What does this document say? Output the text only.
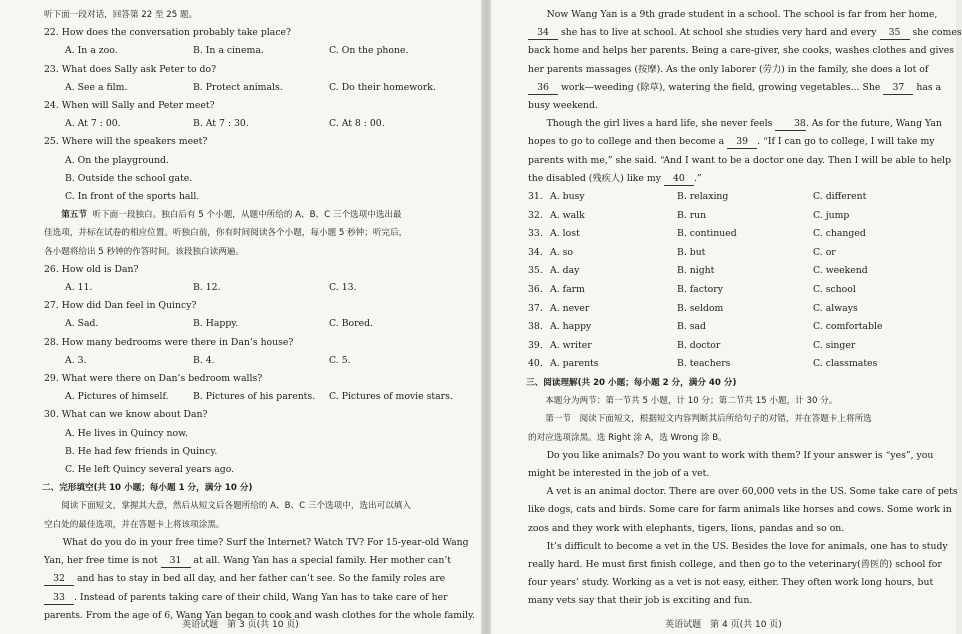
听下面一段对话，回答第 22 至 25 题。
22. How does the conversation probably take place?
A. In a zoo.	B. In a cinema.	C. On the phone.
23. What does Sally ask Peter to do?
A. See a film.	B. Protect animals.	C. Do their homework.
24. When will Sally and Peter meet?
A. At 7 : 00.	B. At 7 : 30.	C. At 8 : 00.
25. Where will the speakers meet?
A. On the playground.
B. Outside the school gate.
C. In front of the sports hall.
第五节 听下面一段独白。独白后有 5 个小题，从题中所给的 A、B、C 三个选项中选出最
佳选项，并标在试卷的相应位置。听独白前，你有时间阅读各个小题，每小题 5 秒钟；听完后，
各小题将给出 5 秒钟的作答时间。该段独白读两遍。
26. How old is Dan?
A. 11.	B. 12.	C. 13.
27. How did Dan feel in Quincy?
A. Sad.	B. Happy.	C. Bored.
28. How many bedrooms were there in Dan’s house?
A. 3.	B. 4.	C. 5.
29. What were there on Dan’s bedroom walls?
A. Pictures of himself.	B. Pictures of his parents.	C. Pictures of movie stars.
30. What can we know about Dan?
A. He lives in Quincy now.
B. He had few friends in Quincy.
C. He left Quincy several years ago.
二、完形填空(共 10 小题；每小题 1 分，满分 10 分)
阅读下面短文，掌握其大意，然后从短文后各题所给的 A、B、C 三个选项中，选出可以填入
空白处的最佳选项，并在答题卡上将该项涂黑。
What do you do in your free time? Surf the Internet? Watch TV? For 15-year-old Wang
Yan, her free time is not 31 at all. Wang Yan has a special family. Her mother can’t
32 and has to stay in bed all day, and her father can’t see. So the family roles are
33 . Instead of parents taking care of their child, Wang Yan has to take care of her
parents. From the age of 6, Wang Yan began to cook and wash clothes for the whole family.
英语试题　第 3 页(共 10 页)
Now Wang Yan is a 9th grade student in a school. The school is far from her home,
34 she has to live at school. At school she studies very hard and every 35 she comes
back home and helps her parents. Being a care-giver, she cooks, washes clothes and gives
her parents massages (按摩). As the only laborer (劳力) in the family, she does a lot of
36 work—weeding (除草), watering the field, growing vegetables... She 37 has a
busy weekend.
Though the girl lives a hard life, she never feels 38. As for the future, Wang Yan
hopes to go to college and then become a 39 . “If I can go to college, I will take my
parents with me,” she said. “And I want to be a doctor one day. Then I will be able to help
the disabled (残疾人) like my 40 .”
31. A. busy	B. relaxing	C. different
32. A. walk	B. run	C. jump
33. A. lost	B. continued	C. changed
34. A. so	B. but	C. or
35. A. day	B. night	C. weekend
36. A. farm	B. factory	C. school
37. A. never	B. seldom	C. always
38. A. happy	B. sad	C. comfortable
39. A. writer	B. doctor	C. singer
40. A. parents	B. teachers	C. classmates
三、阅读理解(共 20 小题；每小题 2 分，满分 40 分)
本题分为两节：第一节共 5 小题，计 10 分；第二节共 15 小题，计 30 分。
第一节　阅读下面短文，根据短文内容判断其后所给句子的对错，并在答题卡上将所选
的对应选项涂黑。选 Right 涂 A，选 Wrong 涂 B。
Do you like animals? Do you want to work with them? If your answer is “yes”, you
might be interested in the job of a vet.
A vet is an animal doctor. There are over 60,000 vets in the US. Some take care of pets
like dogs, cats and birds. Some care for farm animals like horses and cows. Some work in
zoos and they work with elephants, tigers, lions, pandas and so on.
It’s difficult to become a vet in the US. Besides the love for animals, one has to study
really hard. He must first finish college, and then go to the veterinary(兽医的) school for
four years’ study. Working as a vet is not easy, either. They often work long hours, but
many vets say that their job is exciting and fun.
英语试题　第 4 页(共 10 页)
